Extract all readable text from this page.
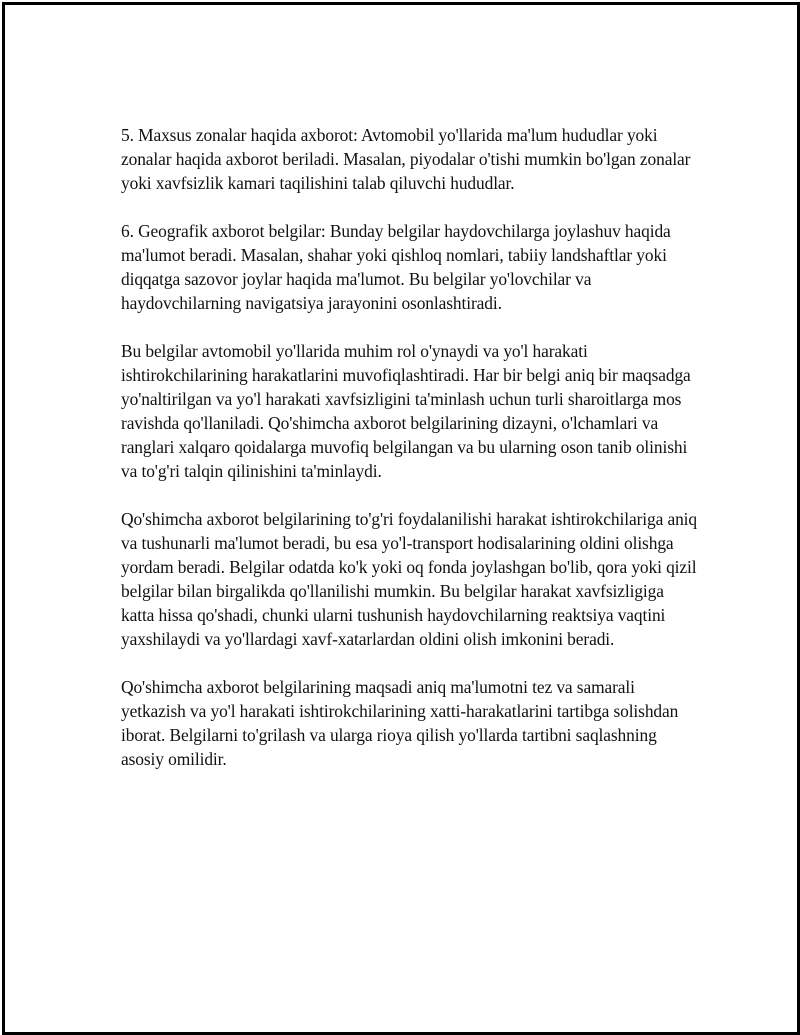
5. Maxsus zonalar haqida axborot: Avtomobil yo'llarida ma'lum hududlar yoki zonalar haqida axborot beriladi. Masalan, piyodalar o'tishi mumkin bo'lgan zonalar yoki xavfsizlik kamari taqilishini talab qiluvchi hududlar.

6. Geografik axborot belgilar: Bunday belgilar haydovchilarga joylashuv haqida ma'lumot beradi. Masalan, shahar yoki qishloq nomlari, tabiiy landshaftlar yoki diqqatga sazovor joylar haqida ma'lumot. Bu belgilar yo'lovchilar va haydovchilarning navigatsiya jarayonini osonlashtiradi.

Bu belgilar avtomobil yo'llarida muhim rol o'ynaydi va yo'l harakati ishtirokchilarining harakatlarini muvofiqlashtiradi. Har bir belgi aniq bir maqsadga yo'naltirilgan va yo'l harakati xavfsizligini ta'minlash uchun turli sharoitlarga mos ravishda qo'llaniladi. Qo'shimcha axborot belgilarining dizayni, o'lchamlari va ranglari xalqaro qoidalarga muvofiq belgilangan va bu ularning oson tanib olinishi va to'g'ri talqin qilinishini ta'minlaydi.

Qo'shimcha axborot belgilarining to'g'ri foydalanilishi harakat ishtirokchilariga aniq va tushunarli ma'lumot beradi, bu esa yo'l-transport hodisalarining oldini olishga yordam beradi. Belgilar odatda ko'k yoki oq fonda joylashgan bo'lib, qora yoki qizil belgilar bilan birgalikda qo'llanilishi mumkin. Bu belgilar harakat xavfsizligiga katta hissa qo'shadi, chunki ularni tushunish haydovchilarning reaktsiya vaqtini yaxshilaydi va yo'llardagi xavf-xatarlardan oldini olish imkonini beradi.

Qo'shimcha axborot belgilarining maqsadi aniq ma'lumotni tez va samarali yetkazish va yo'l harakati ishtirokchilarining xatti-harakatlarini tartibga solishdan iborat. Belgilarni to'grilash va ularga rioya qilish yo'llarda tartibni saqlashning asosiy omilidir.
